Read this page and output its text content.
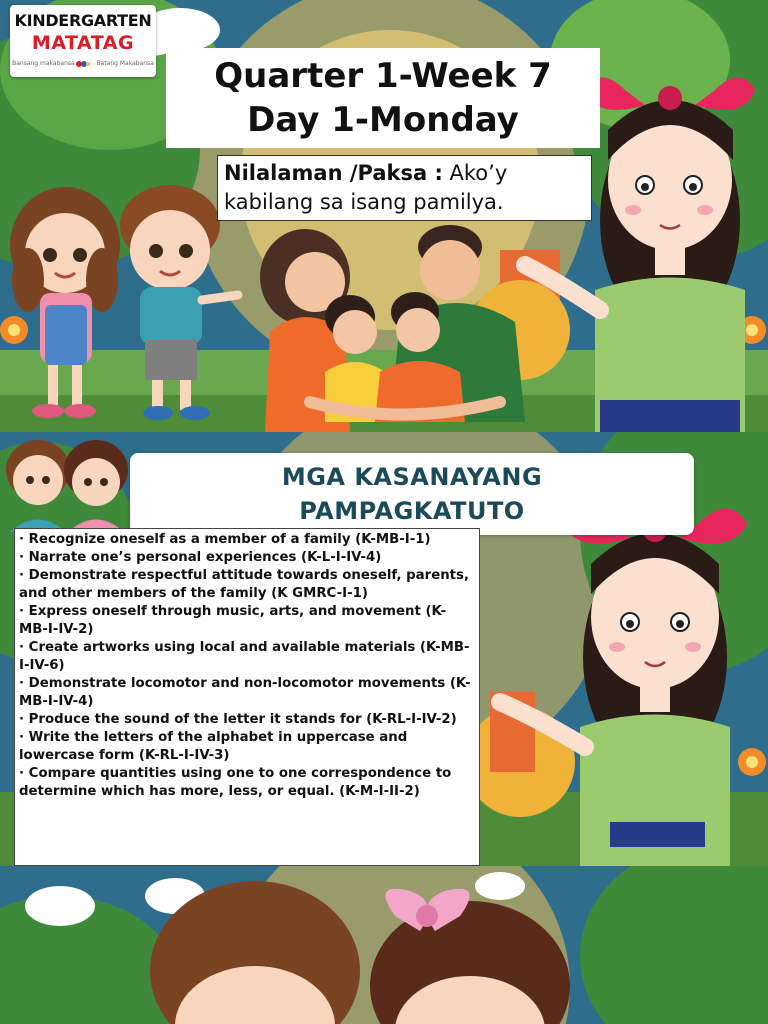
KINDERGARTEN
MATATAG
Bansang makabansa	Batang Makabansa	Quarter 1-Week 7
Day 1-Monday
Nilalaman /Paksa : Ako’y kabilang sa isang pamilya.
MGA KASANAYANG
PAMPAGKATUTO

· Recognize oneself as a member of a family (K-MB-I-1)

· Narrate one’s personal experiences (K-L-I-IV-4)

· Demonstrate respectful attitude towards oneself, parents, and other members of the family (K GMRC-I-1)

· Express oneself through music, arts, and movement (K-MB-I-IV-2)

· Create artworks using local and available materials (K-MB-I-IV-6)

· Demonstrate locomotor and non-locomotor movements (K-MB-I-IV-4)

· Produce the sound of the letter it stands for (K-RL-I-IV-2)

· Write the letters of the alphabet in uppercase and lowercase form (K-RL-I-IV-3)

· Compare quantities using one to one correspondence to determine which has more, less, or equal. (K-M-I-II-2)
